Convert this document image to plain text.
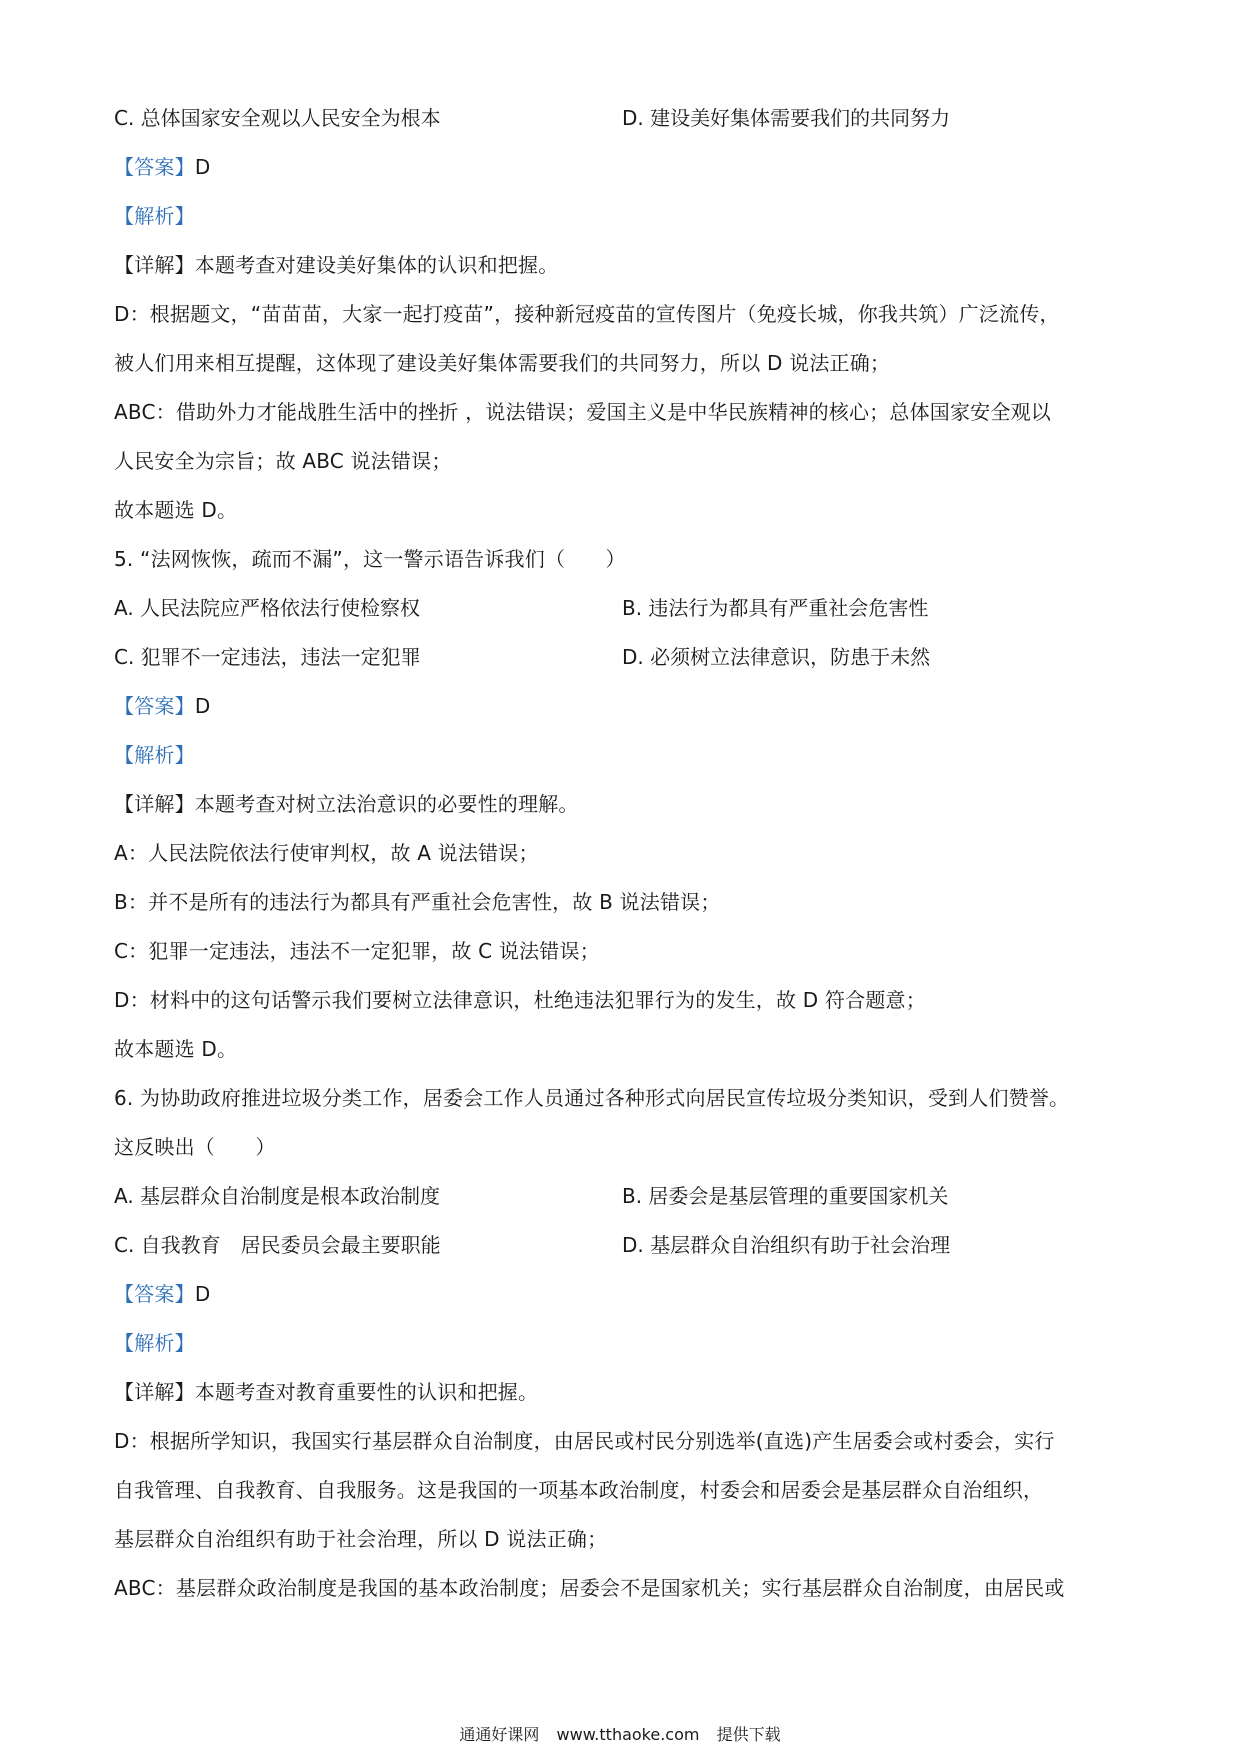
C. 总体国家安全观以人民安全为根本	D. 建设美好集体需要我们的共同努力
【答案】D
【解析】
【详解】本题考查对建设美好集体的认识和把握。
D：根据题文，“苗苗苗，大家一起打疫苗”，接种新冠疫苗的宣传图片（免疫长城，你我共筑）广泛流传，
被人们用来相互提醒，这体现了建设美好集体需要我们的共同努力，所以 D 说法正确；
ABC：借助外力才能战胜生活中的挫折 ，说法错误；爱国主义是中华民族精神的核心；总体国家安全观以
人民安全为宗旨；故 ABC 说法错误；
故本题选 D。
5. “法网恢恢，疏而不漏”，这一警示语告诉我们（　　）
A. 人民法院应严格依法行使检察权	B. 违法行为都具有严重社会危害性
C. 犯罪不一定违法，违法一定犯罪	D. 必须树立法律意识，防患于未然
【答案】D
【解析】
【详解】本题考查对树立法治意识的必要性的理解。
A：人民法院依法行使审判权，故 A 说法错误；
B：并不是所有的违法行为都具有严重社会危害性，故 B 说法错误；
C：犯罪一定违法，违法不一定犯罪，故 C 说法错误；
D：材料中的这句话警示我们要树立法律意识，杜绝违法犯罪行为的发生，故 D 符合题意；
故本题选 D。
6. 为协助政府推进垃圾分类工作，居委会工作人员通过各种形式向居民宣传垃圾分类知识，受到人们赞誉。
这反映出（　　）
A. 基层群众自治制度是根本政治制度	B. 居委会是基层管理的重要国家机关
C. 自我教育　居民委员会最主要职能	D. 基层群众自治组织有助于社会治理
【答案】D
【解析】
【详解】本题考查对教育重要性的认识和把握。
D：根据所学知识，我国实行基层群众自治制度，由居民或村民分别选举(直选)产生居委会或村委会，实行
自我管理、自我教育、自我服务。这是我国的一项基本政治制度，村委会和居委会是基层群众自治组织，
基层群众自治组织有助于社会治理，所以 D 说法正确；
ABC：基层群众政治制度是我国的基本政治制度；居委会不是国家机关；实行基层群众自治制度，由居民或
通通好课网 www.tthaoke.com 提供下载
